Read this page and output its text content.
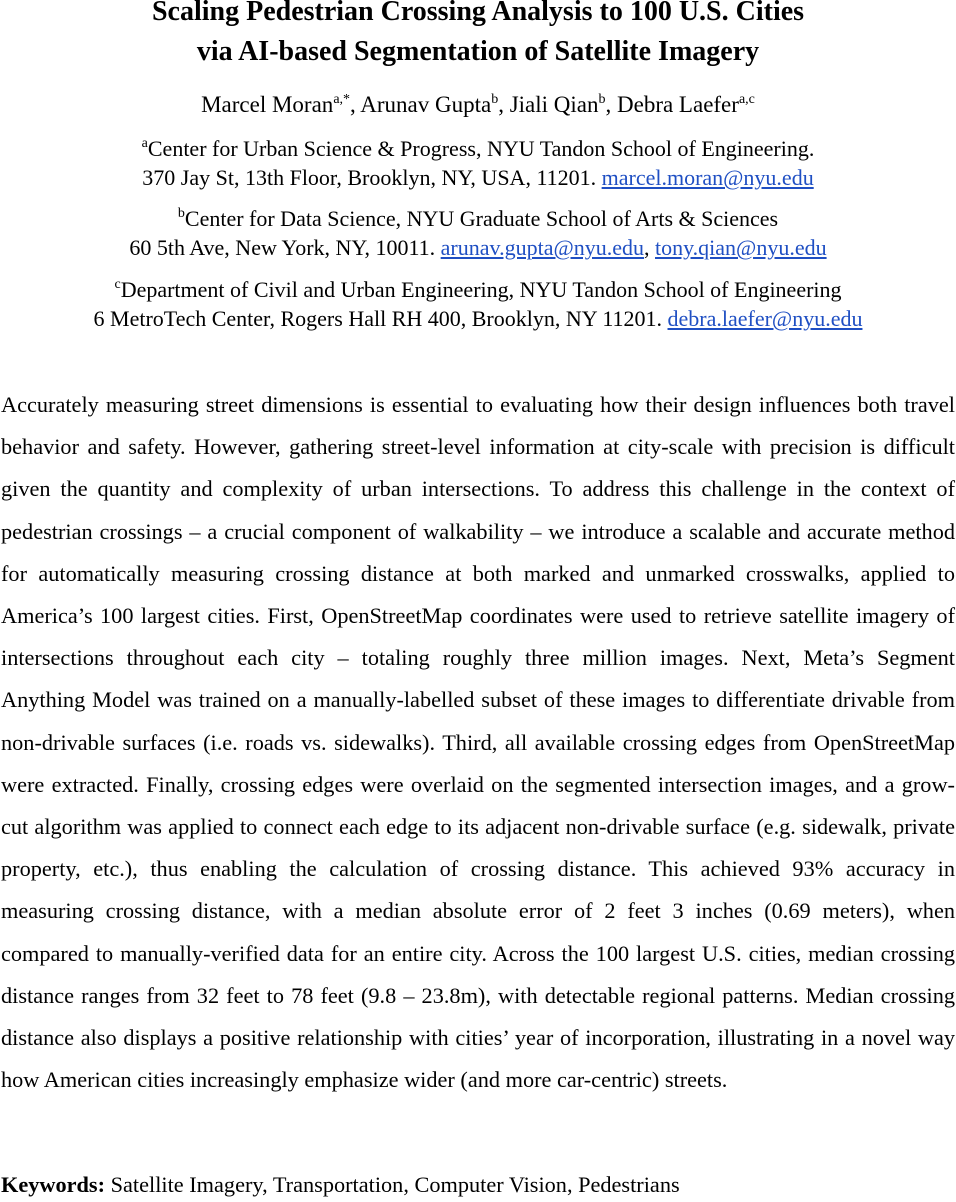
Scaling Pedestrian Crossing Analysis to 100 U.S. Cities
via AI-based Segmentation of Satellite Imagery
Marcel Moran$^{a,*}$, Arunav Gupta$^b$, Jiali Qian$^b$, Debra Laefer$^{a,c}$
$^a$Center for Urban Science & Progress, NYU Tandon School of Engineering.
370 Jay St, 13th Floor, Brooklyn, NY, USA, 11201. marcel.moran@nyu.edu
$^b$Center for Data Science, NYU Graduate School of Arts & Sciences
60 5th Ave, New York, NY, 10011. arunav.gupta@nyu.edu, tony.qian@nyu.edu
$^c$Department of Civil and Urban Engineering, NYU Tandon School of Engineering
6 MetroTech Center, Rogers Hall RH 400, Brooklyn, NY 11201. debra.laefer@nyu.edu

Accurately measuring street dimensions is essential to evaluating how their design influences both travel behavior and safety. However, gathering street-level information at city-scale with precision is difficult given the quantity and complexity of urban intersections. To address this challenge in the context of pedestrian crossings – a crucial component of walkability – we introduce a scalable and accurate method for automatically measuring crossing distance at both marked and unmarked crosswalks, applied to America’s 100 largest cities. First, OpenStreetMap coordinates were used to retrieve satellite imagery of intersections throughout each city – totaling roughly three million images. Next, Meta’s Segment Anything Model was trained on a manually-labelled subset of these images to differentiate drivable from non-drivable surfaces (i.e. roads vs. sidewalks). Third, all available crossing edges from OpenStreetMap were extracted. Finally, crossing edges were overlaid on the segmented intersection images, and a grow-cut algorithm was applied to connect each edge to its adjacent non-drivable surface (e.g. sidewalk, private property, etc.), thus enabling the calculation of crossing distance. This achieved 93% accuracy in measuring crossing distance, with a median absolute error of 2 feet 3 inches (0.69 meters), when compared to manually-verified data for an entire city. Across the 100 largest U.S. cities, median crossing distance ranges from 32 feet to 78 feet (9.8 – 23.8m), with detectable regional patterns. Median crossing distance also displays a positive relationship with cities’ year of incorporation, illustrating in a novel way how American cities increasingly emphasize wider (and more car-centric) streets.

Keywords: Satellite Imagery, Transportation, Computer Vision, Pedestrians
